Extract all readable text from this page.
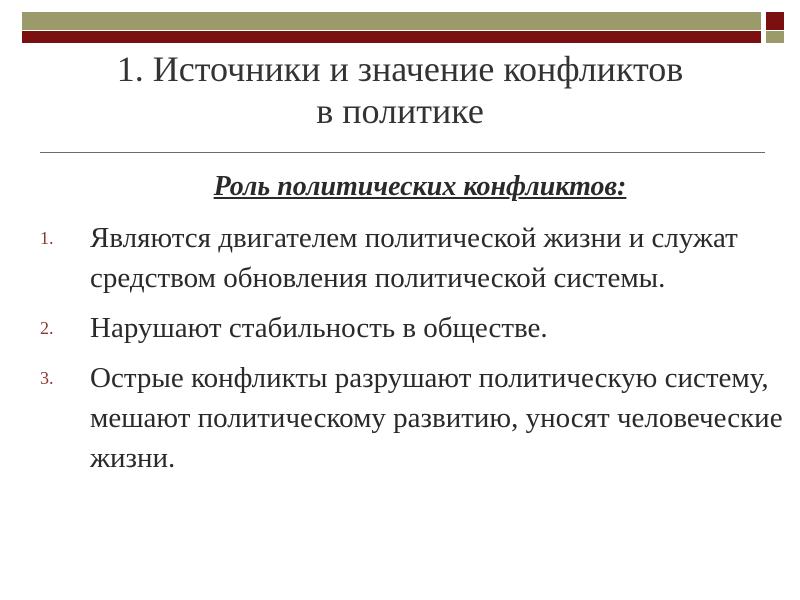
1. Источники и значение конфликтов
в политике
Роль политических конфликтов:
1.	Являются двигателем политической жизни и служат средством обновления политической системы.
2.	Нарушают стабильность в обществе.
3.	Острые конфликты разрушают политическую систему, мешают политическому развитию, уносят человеческие жизни.
